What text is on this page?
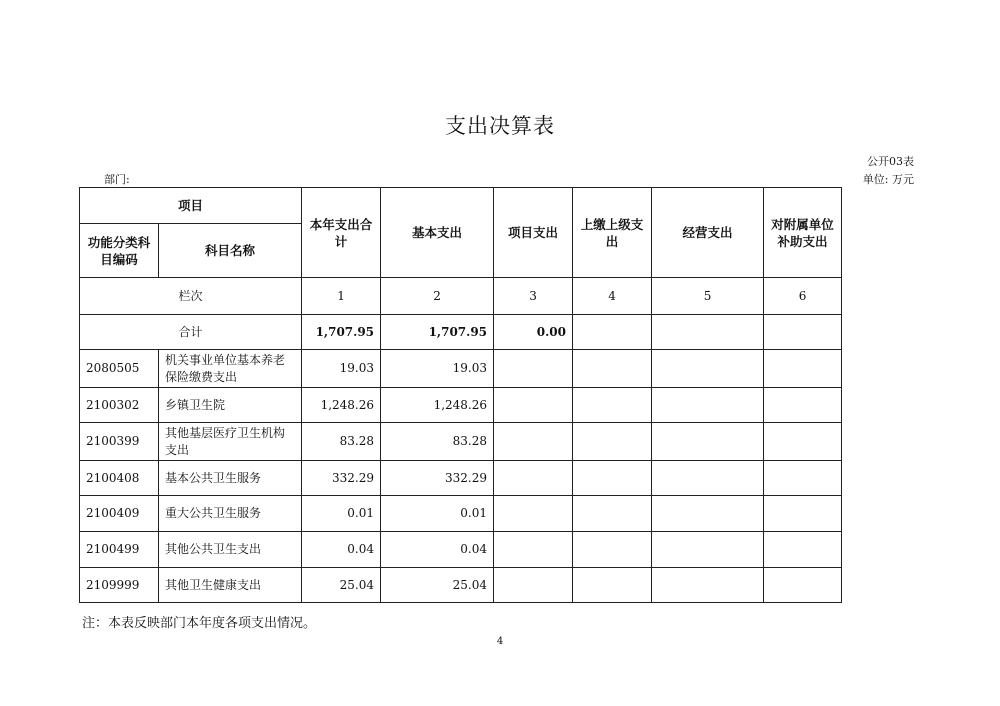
支出决算表
公开03表
部门:	单位: 万元
项目		本年支出合计	基本支出	项目支出	上缴上级支出	经营支出	对附属单位补助支出
功能分类科目编码	科目名称						
栏次		1	2	3	4	5	6
合计		1,707.95	1,707.95	0.00			
2080505	机关事业单位基本养老保险缴费支出	19.03	19.03				
2100302	乡镇卫生院	1,248.26	1,248.26				
2100399	其他基层医疗卫生机构支出	83.28	83.28				
2100408	基本公共卫生服务	332.29	332.29				
2100409	重大公共卫生服务	0.01	0.01				
2100499	其他公共卫生支出	0.04	0.04				
2109999	其他卫生健康支出	25.04	25.04				
注：本表反映部门本年度各项支出情况。
4
